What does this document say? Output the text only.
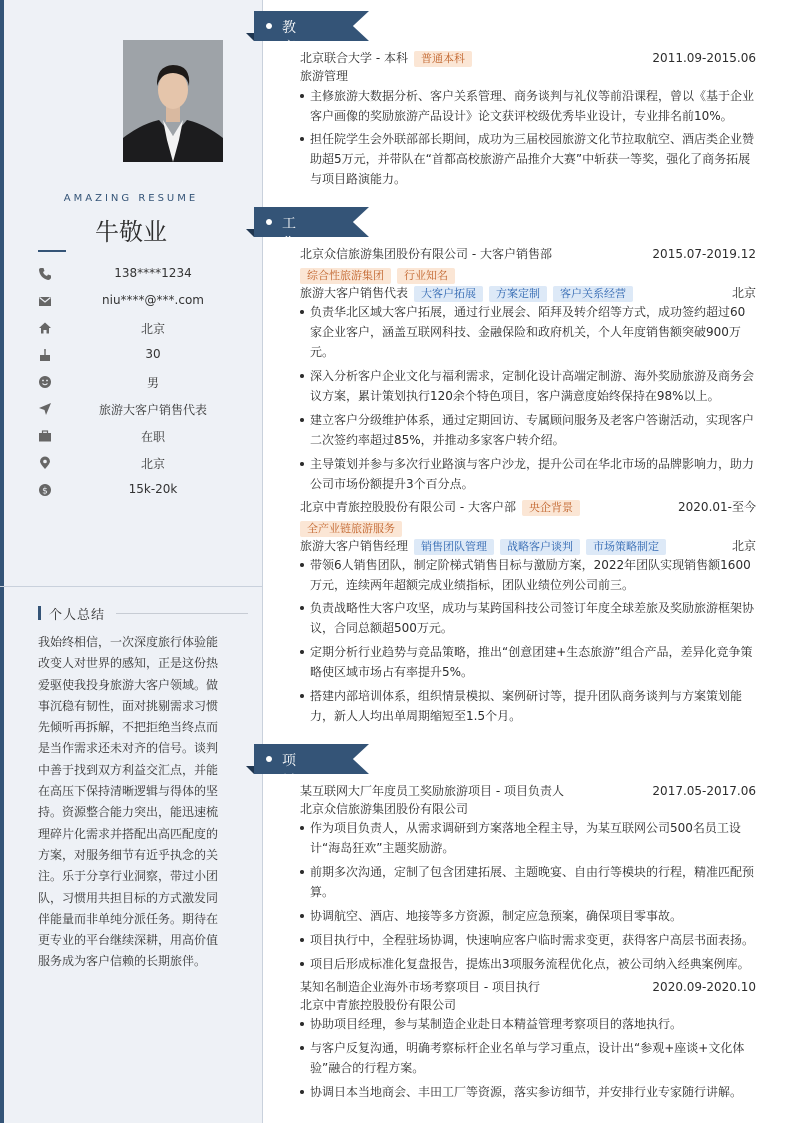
AMAZING RESUME
牛敬业
138****1234
niu****@***.com
北京
30
男
旅游大客户销售代表
在职
北京
$	15k-20k
个人总结
我始终相信，一次深度旅行体验能改变人对世界的感知，正是这份热爱驱使我投身旅游大客户领域。做事沉稳有韧性，面对挑剔需求习惯先倾听再拆解，不把拒绝当终点而是当作需求还未对齐的信号。谈判中善于找到双方利益交汇点，并能在高压下保持清晰逻辑与得体的坚持。资源整合能力突出，能迅速梳理碎片化需求并搭配出高匹配度的方案，对服务细节有近乎执念的关注。乐于分享行业洞察，带过小团队，习惯用共担目标的方式激发同伴能量而非单纯分派任务。期待在更专业的平台继续深耕，用高价值服务成为客户信赖的长期旅伴。
教育经历
北京联合大学 - 本科 普通本科	2011.09-2015.06
旅游管理
主修旅游大数据分析、客户关系管理、商务谈判与礼仪等前沿课程，曾以《基于企业客户画像的奖励旅游产品设计》论文获评校级优秀毕业设计，专业排名前10%。
担任院学生会外联部部长期间，成功为三届校园旅游文化节拉取航空、酒店类企业赞助超5万元，并带队在“首都高校旅游产品推介大赛”中斩获一等奖，强化了商务拓展与项目路演能力。
工作经历
北京众信旅游集团股份有限公司 - 大客户销售部	2015.07-2019.12
综合性旅游集团 行业知名
旅游大客户销售代表 大客户拓展 方案定制 客户关系经营	北京
负责华北区域大客户拓展，通过行业展会、陌拜及转介绍等方式，成功签约超过60家企业客户，涵盖互联网科技、金融保险和政府机关，个人年度销售额突破900万元。
深入分析客户企业文化与福利需求，定制化设计高端定制游、海外奖励旅游及商务会议方案，累计策划执行120余个特色项目，客户满意度始终保持在98%以上。
建立客户分级维护体系，通过定期回访、专属顾问服务及老客户答谢活动，实现客户二次签约率超过85%，并推动多家客户转介绍。
主导策划并参与多次行业路演与客户沙龙，提升公司在华北市场的品牌影响力，助力公司市场份额提升3个百分点。
北京中青旅控股股份有限公司 - 大客户部 央企背景	2020.01-至今
全产业链旅游服务
旅游大客户销售经理 销售团队管理 战略客户谈判 市场策略制定	北京
带领6人销售团队，制定阶梯式销售目标与激励方案，2022年团队实现销售额1600万元，连续两年超额完成业绩指标，团队业绩位列公司前三。
负责战略性大客户攻坚，成功与某跨国科技公司签订年度全球差旅及奖励旅游框架协议，合同总额超500万元。
定期分析行业趋势与竞品策略，推出“创意团建+生态旅游”组合产品，差异化竞争策略使区域市场占有率提升5%。
搭建内部培训体系，组织情景模拟、案例研讨等，提升团队商务谈判与方案策划能力，新人人均出单周期缩短至1.5个月。
项目经历
某互联网大厂年度员工奖励旅游项目 - 项目负责人	2017.05-2017.06
北京众信旅游集团股份有限公司
作为项目负责人，从需求调研到方案落地全程主导，为某互联网公司500名员工设计“海岛狂欢”主题奖励游。
前期多次沟通，定制了包含团建拓展、主题晚宴、自由行等模块的行程，精准匹配预算。
协调航空、酒店、地接等多方资源，制定应急预案，确保项目零事故。
项目执行中，全程驻场协调，快速响应客户临时需求变更，获得客户高层书面表扬。
项目后形成标准化复盘报告，提炼出3项服务流程优化点，被公司纳入经典案例库。
某知名制造企业海外市场考察项目 - 项目执行	2020.09-2020.10
北京中青旅控股股份有限公司
协助项目经理，参与某制造企业赴日本精益管理考察项目的落地执行。
与客户反复沟通，明确考察标杆企业名单与学习重点，设计出“参观+座谈+文化体验”融合的行程方案。
协调日本当地商会、丰田工厂等资源，落实参访细节，并安排行业专家随行讲解。
